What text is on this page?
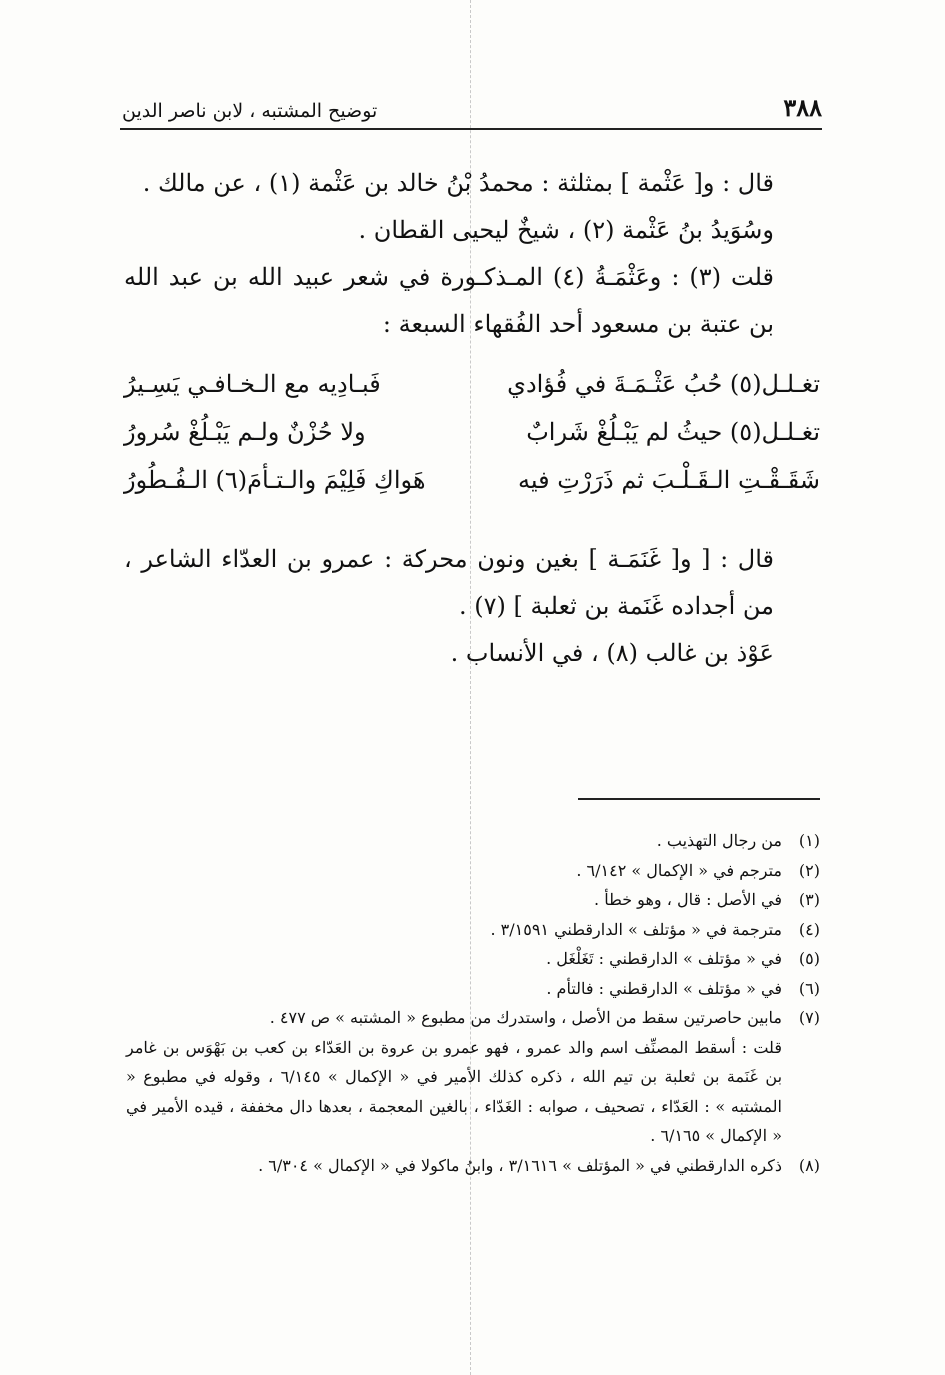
٣٨٨
توضيح المشتبه ، لابن ناصر الدين

قال : و[ عَثْمة ] بمثلثة : محمدُ بْنُ خالد بن عَثْمة (١) ، عن مالك .

وسُوَيدُ بنُ عَثْمة (٢) ، شيخٌ ليحيى القطان .

قلت (٣) : وعَثْمَـةُ (٤) المـذكـورة في شعر عبيد الله بن عبد الله بن عتبة بن مسعود أحد الفُقهاء السبعة :

تغـلـل(٥) حُبُ عَثْـمَـةَ في فُؤادي
فَبـادِيه مع الـخـافـي يَسِـيرُ
تغـلـل(٥) حيثُ لم يَبْـلُغْ شَرابٌ
ولا حُزْنٌ ولـم يَبْـلُغْ سُرورُ
شَقَـقْـتِ الـقَـلْـبَ ثم ذَرَرْتِ فيه
هَواكِ فَلِيْمَ والـتـأمَ(٦) الـفُـطُورُ

قال : [ و[ غَنَمَـة ] بغين ونون محركة : عمرو بن العدّاء الشاعر ، من أجداده غَنَمة بن ثعلبة ] (٧) .

عَوْذ بن غالب (٨) ، في الأنساب .

(١)
من رجال التهذيب .
(٢)
مترجم في « الإكمال » ٦/١٤٢ .
(٣)
في الأصل : قال ، وهو خطأ .
(٤)
مترجمة في « مؤتلف » الدارقطني ٣/١٥٩١ .
(٥)
في « مؤتلف » الدارقطني : تَغَلْغَل .
(٦)
في « مؤتلف » الدارقطني : فالتأم .
(٧)
مابين حاصرتين سقط من الأصل ، واستدرك من مطبوع « المشتبه » ص ٤٧٧ .
قلت : أسقط المصنِّف اسم والد عمرو ، فهو عمرو بن عروة بن العَدّاء بن كعب بن بَهْوَس بن غامر بن غَنَمة بن ثعلبة بن تيم الله ، ذكره كذلك الأمير في « الإكمال » ٦/١٤٥ ، وقوله في مطبوع « المشتبه » : العَدّاء ، تصحيف ، صوابه : الغَدّاء ، بالغين المعجمة ، بعدها دال مخففة ، قيده الأمير في « الإكمال » ٦/١٦٥ .
(٨)
ذكره الدارقطني في « المؤتلف » ٣/١٦١٦ ، وابنُ ماكولا في « الإكمال » ٦/٣٠٤ .
